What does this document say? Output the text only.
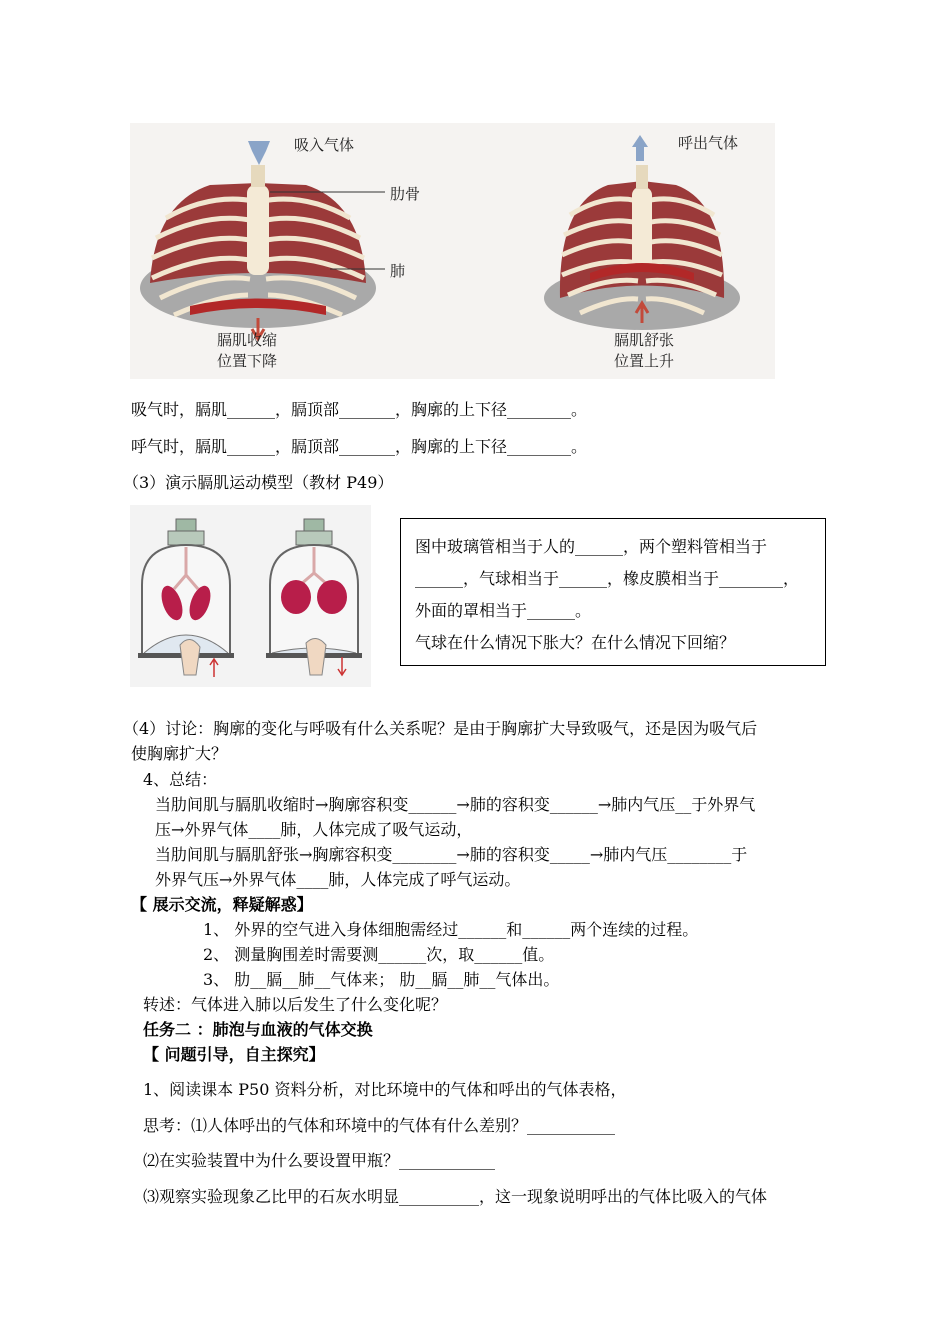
吸入气体	呼出气体
肋骨
肺
膈肌收缩
位置下降
膈肌舒张
位置上升
吸气时，膈肌______，膈顶部_______，胸廓的上下径________。
呼气时，膈肌______，膈顶部_______，胸廓的上下径________。
（3）演示膈肌运动模型（教材 P49）
图中玻璃管相当于人的______，两个塑料管相当于
______，气球相当于______，橡皮膜相当于________，
外面的罩相当于______。
气球在什么情况下胀大？在什么情况下回缩？
（4）讨论：胸廓的变化与呼吸有什么关系呢？是由于胸廓扩大导致吸气，还是因为吸气后
使胸廓扩大？
4、总结：
当肋间肌与膈肌收缩时→胸廓容积变______→肺的容积变______→肺内气压__于外界气
压→外界气体____肺，人体完成了吸气运动，
当肋间肌与膈肌舒张→胸廓容积变________→肺的容积变_____→肺内气压________于
外界气压→外界气体____肺，人体完成了呼气运动。
【 展示交流，释疑解惑】
1、 外界的空气进入身体细胞需经过______和______两个连续的过程。
2、 测量胸围差时需要测______次，取______值。
3、 肋__膈__肺__气体来； 肋__膈__肺__气体出。
转述：气体进入肺以后发生了什么变化呢？
任务二 ：肺泡与血液的气体交换
【 问题引导，自主探究】
1、阅读课本 P50 资料分析，对比环境中的气体和呼出的气体表格，
思考：⑴人体呼出的气体和环境中的气体有什么差别？___________
⑵在实验装置中为什么要设置甲瓶？____________
⑶观察实验现象乙比甲的石灰水明显__________，这一现象说明呼出的气体比吸入的气体
